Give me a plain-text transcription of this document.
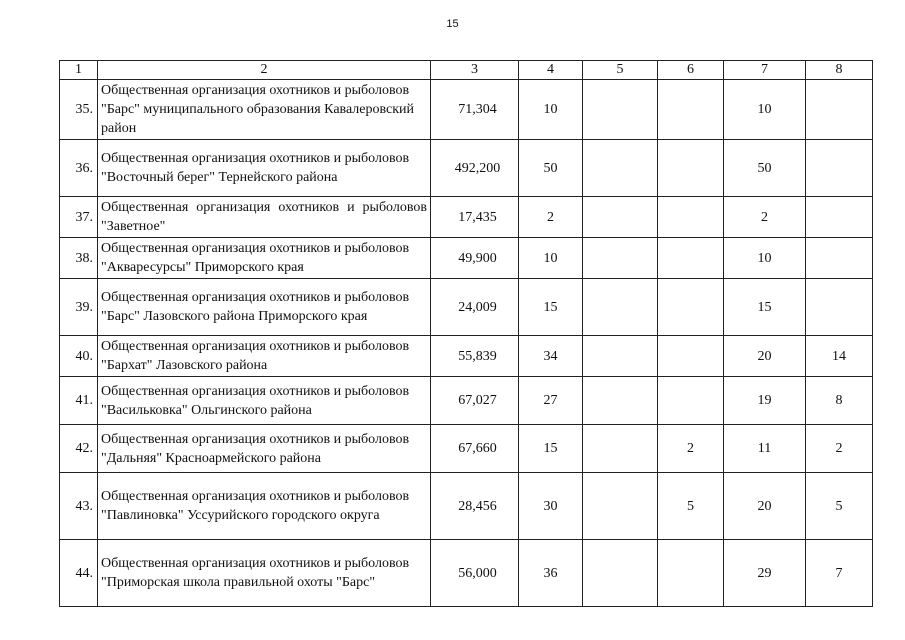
15
1	2	3	4	5	6	7	8
35.	Общественная организация охотников и рыболовов "Барс" муниципального образования Кавалеровский район	71,304	10			10	
36.	Общественная организация охотников и рыболовов "Восточный берег" Тернейского района	492,200	50			50	
37.	Общественная организация охотников и рыболовов "Заветное"	17,435	2			2	
38.	Общественная организация охотников и рыболовов "Акваресурсы" Приморского края	49,900	10			10	
39.	Общественная организация охотников и рыболовов "Барс" Лазовского района Приморского края	24,009	15			15	
40.	Общественная организация охотников и рыболовов "Бархат" Лазовского района	55,839	34			20	14
41.	Общественная организация охотников и рыболовов "Васильковка" Ольгинского района	67,027	27			19	8
42.	Общественная организация охотников и рыболовов "Дальняя" Красноармейского района	67,660	15		2	11	2
43.	Общественная организация охотников и рыболовов "Павлиновка" Уссурийского городского округа	28,456	30		5	20	5
44.	Общественная организация охотников и рыболовов "Приморская школа правильной охоты "Барс"	56,000	36			29	7
